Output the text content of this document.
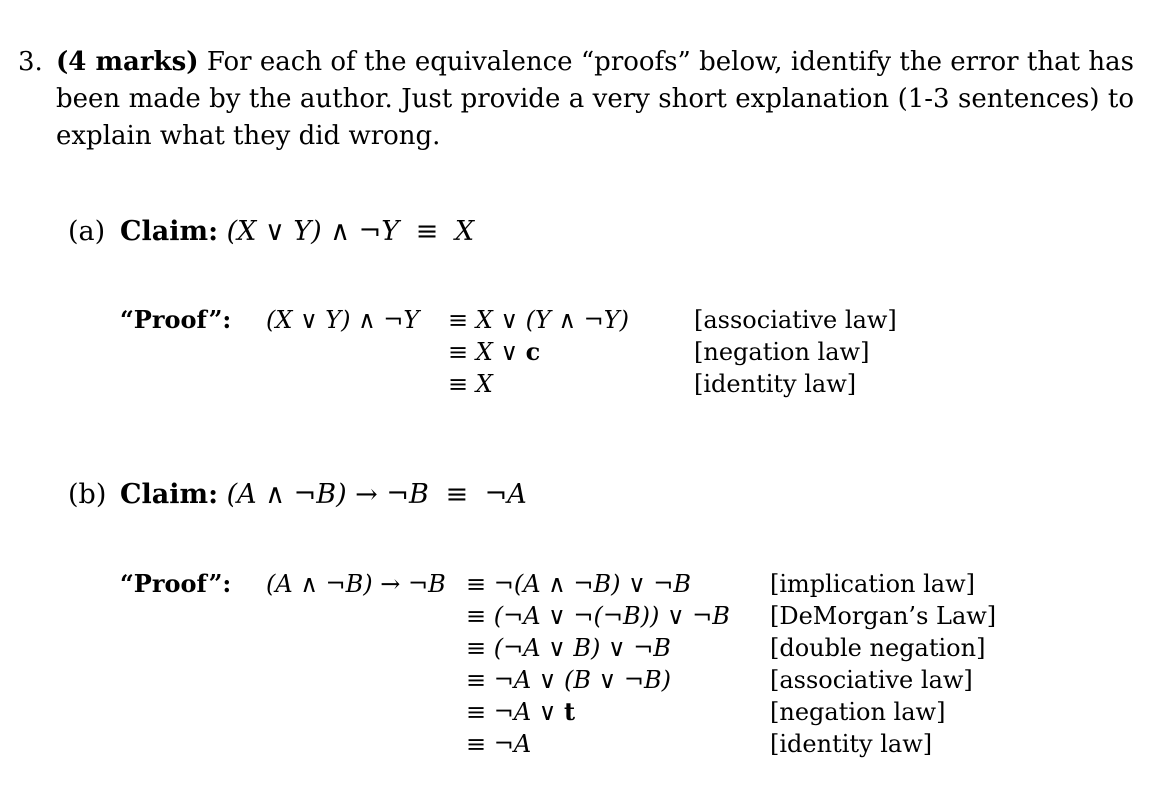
3. (4 marks) For each of the equivalence “proofs” below, identify the error that has
been made by the author. Just provide a very short explanation (1-3 sentences) to
explain what they did wrong.
(a) Claim: (X ∨ Y) ∧ ¬Y ≡ X
“Proof”: (X ∨ Y) ∧ ¬Y ≡ X ∨ (Y ∧ ¬Y)	[associative law]
≡ X ∨ c	[negation law]
≡ X	[identity law]
(b) Claim: (A ∧ ¬B) → ¬B ≡ ¬A
“Proof”: (A ∧ ¬B) → ¬B ≡ ¬(A ∧ ¬B) ∨ ¬B	[implication law]
≡ (¬A ∨ ¬(¬B)) ∨ ¬B [DeMorgan’s Law]
≡ (¬A ∨ B) ∨ ¬B	[double negation]
≡ ¬A ∨ (B ∨ ¬B)	[associative law]
≡ ¬A ∨ t	[negation law]
≡ ¬A	[identity law]
